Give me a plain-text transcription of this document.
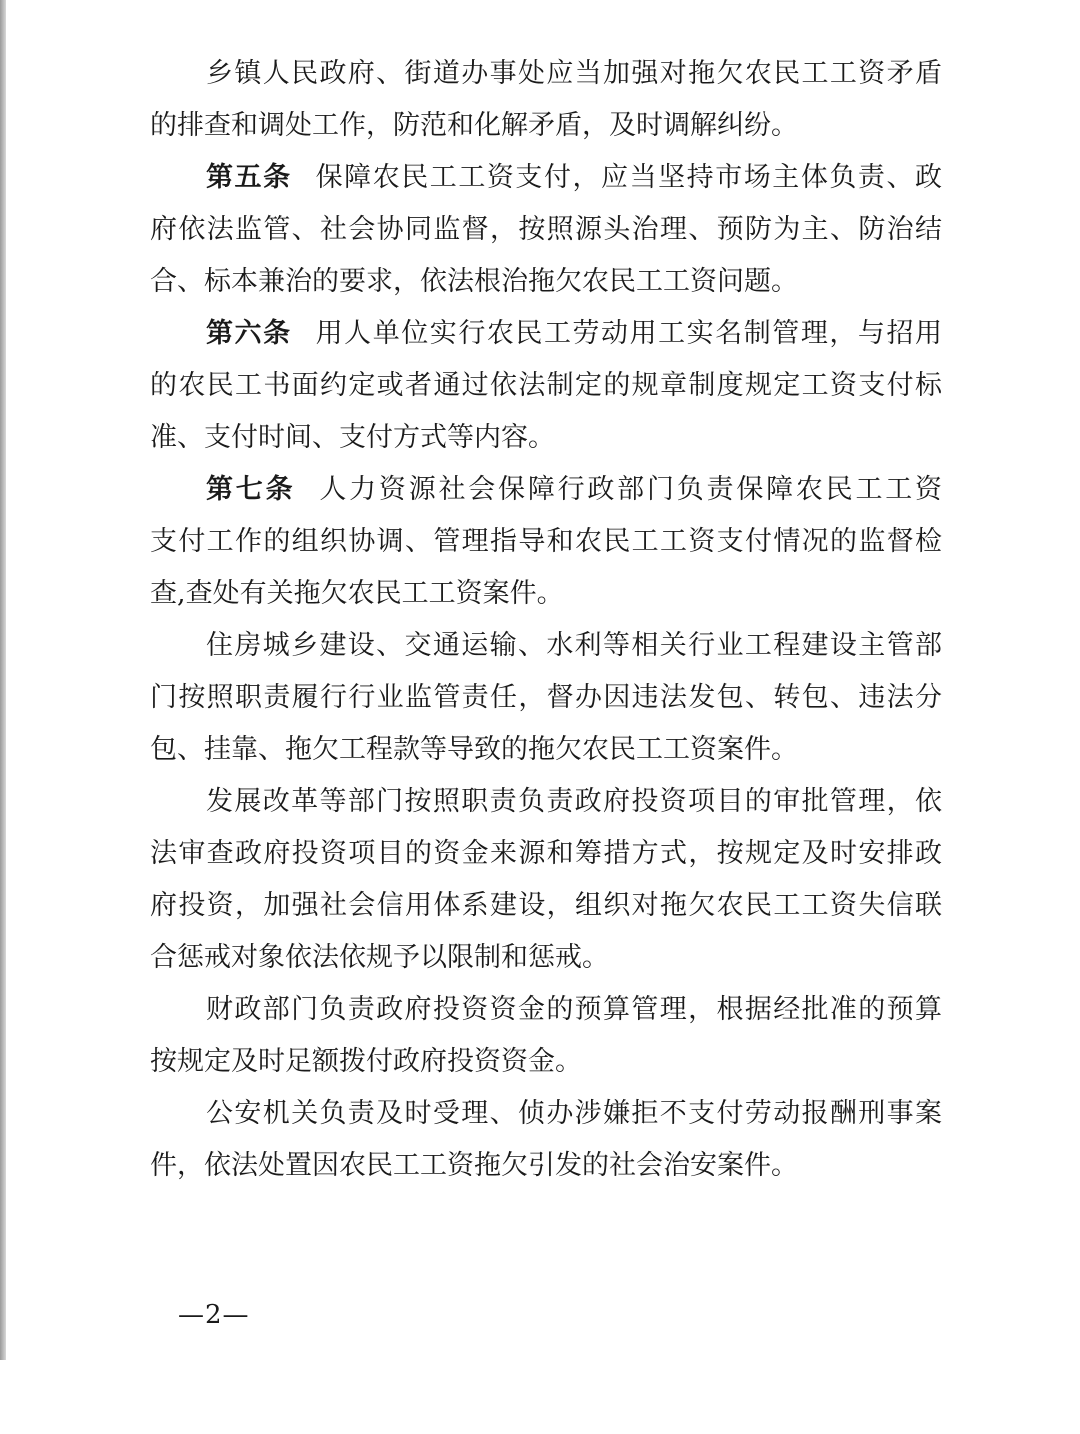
乡镇人民政府、街道办事处应当加强对拖欠农民工工资矛盾
的排查和调处工作，防范和化解矛盾，及时调解纠纷。
第五条 保障农民工工资支付，应当坚持市场主体负责、政
府依法监管、社会协同监督，按照源头治理、预防为主、防治结
合、标本兼治的要求，依法根治拖欠农民工工资问题。
第六条 用人单位实行农民工劳动用工实名制管理，与招用
的农民工书面约定或者通过依法制定的规章制度规定工资支付标
准、支付时间、支付方式等内容。
第七条 人力资源社会保障行政部门负责保障农民工工资
支付工作的组织协调、管理指导和农民工工资支付情况的监督检
查,查处有关拖欠农民工工资案件。
住房城乡建设、交通运输、水利等相关行业工程建设主管部
门按照职责履行行业监管责任，督办因违法发包、转包、违法分
包、挂靠、拖欠工程款等导致的拖欠农民工工资案件。
发展改革等部门按照职责负责政府投资项目的审批管理，依
法审查政府投资项目的资金来源和筹措方式，按规定及时安排政
府投资，加强社会信用体系建设，组织对拖欠农民工工资失信联
合惩戒对象依法依规予以限制和惩戒。
财政部门负责政府投资资金的预算管理，根据经批准的预算
按规定及时足额拨付政府投资资金。
公安机关负责及时受理、侦办涉嫌拒不支付劳动报酬刑事案
件，依法处置因农民工工资拖欠引发的社会治安案件。
—2—
